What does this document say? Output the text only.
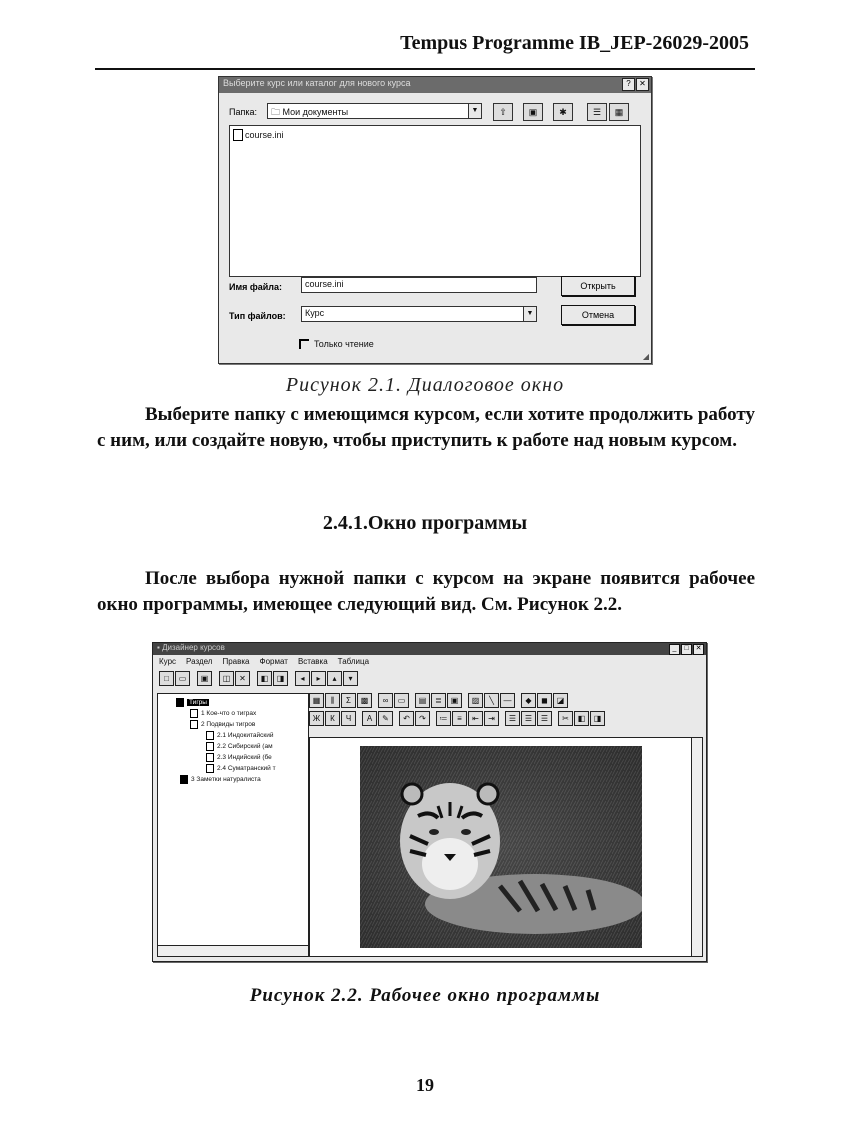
Tempus Programme IB_JEP-26029-2005
Выберите курс или каталог для нового курса	?	✕
Папка:	🗀 Мои документы	▼	⇧	▣	✱	☰	▦
course.ini
Имя файла:	course.ini	Открыть
Тип файлов:	Курс	▼	Отмена
Только чтение
◢
Рисунок 2.1. Диалоговое окно
Выберите папку с имеющимся курсом, если хотите продолжить работу с ним, или создайте новую, чтобы приступить к работе над новым курсом.
2.4.1.Окно программы
После выбора нужной папки с курсом на экране появится рабочее окно программы, имеющее следующий вид. См. Рисунок 2.2.
▪ Дизайнер курсов	_	□ ✕
Курс Раздел Правка Формат Вставка Таблица
□	▭	▣	◫	✕	◧	◨	◂	▸	▴	▾
Тигры
1 Кое-что о тиграх
2 Подвиды тигров
2.1 Индокитайский
2.2 Сибирский (ам
2.3 Индийский (бе
2.4 Суматранский т
3 Заметки натуралиста
▦	⫼	Σ	▩	∞	▭	▤	≣	▣	▨	╲	—	◆	◼	◪
Ж	К	Ч	A	✎	↶	↷	≔	≡	⇤	⇥	☰	☰	☰	✂	◧	◨
Рисунок 2.2. Рабочее окно программы
19
